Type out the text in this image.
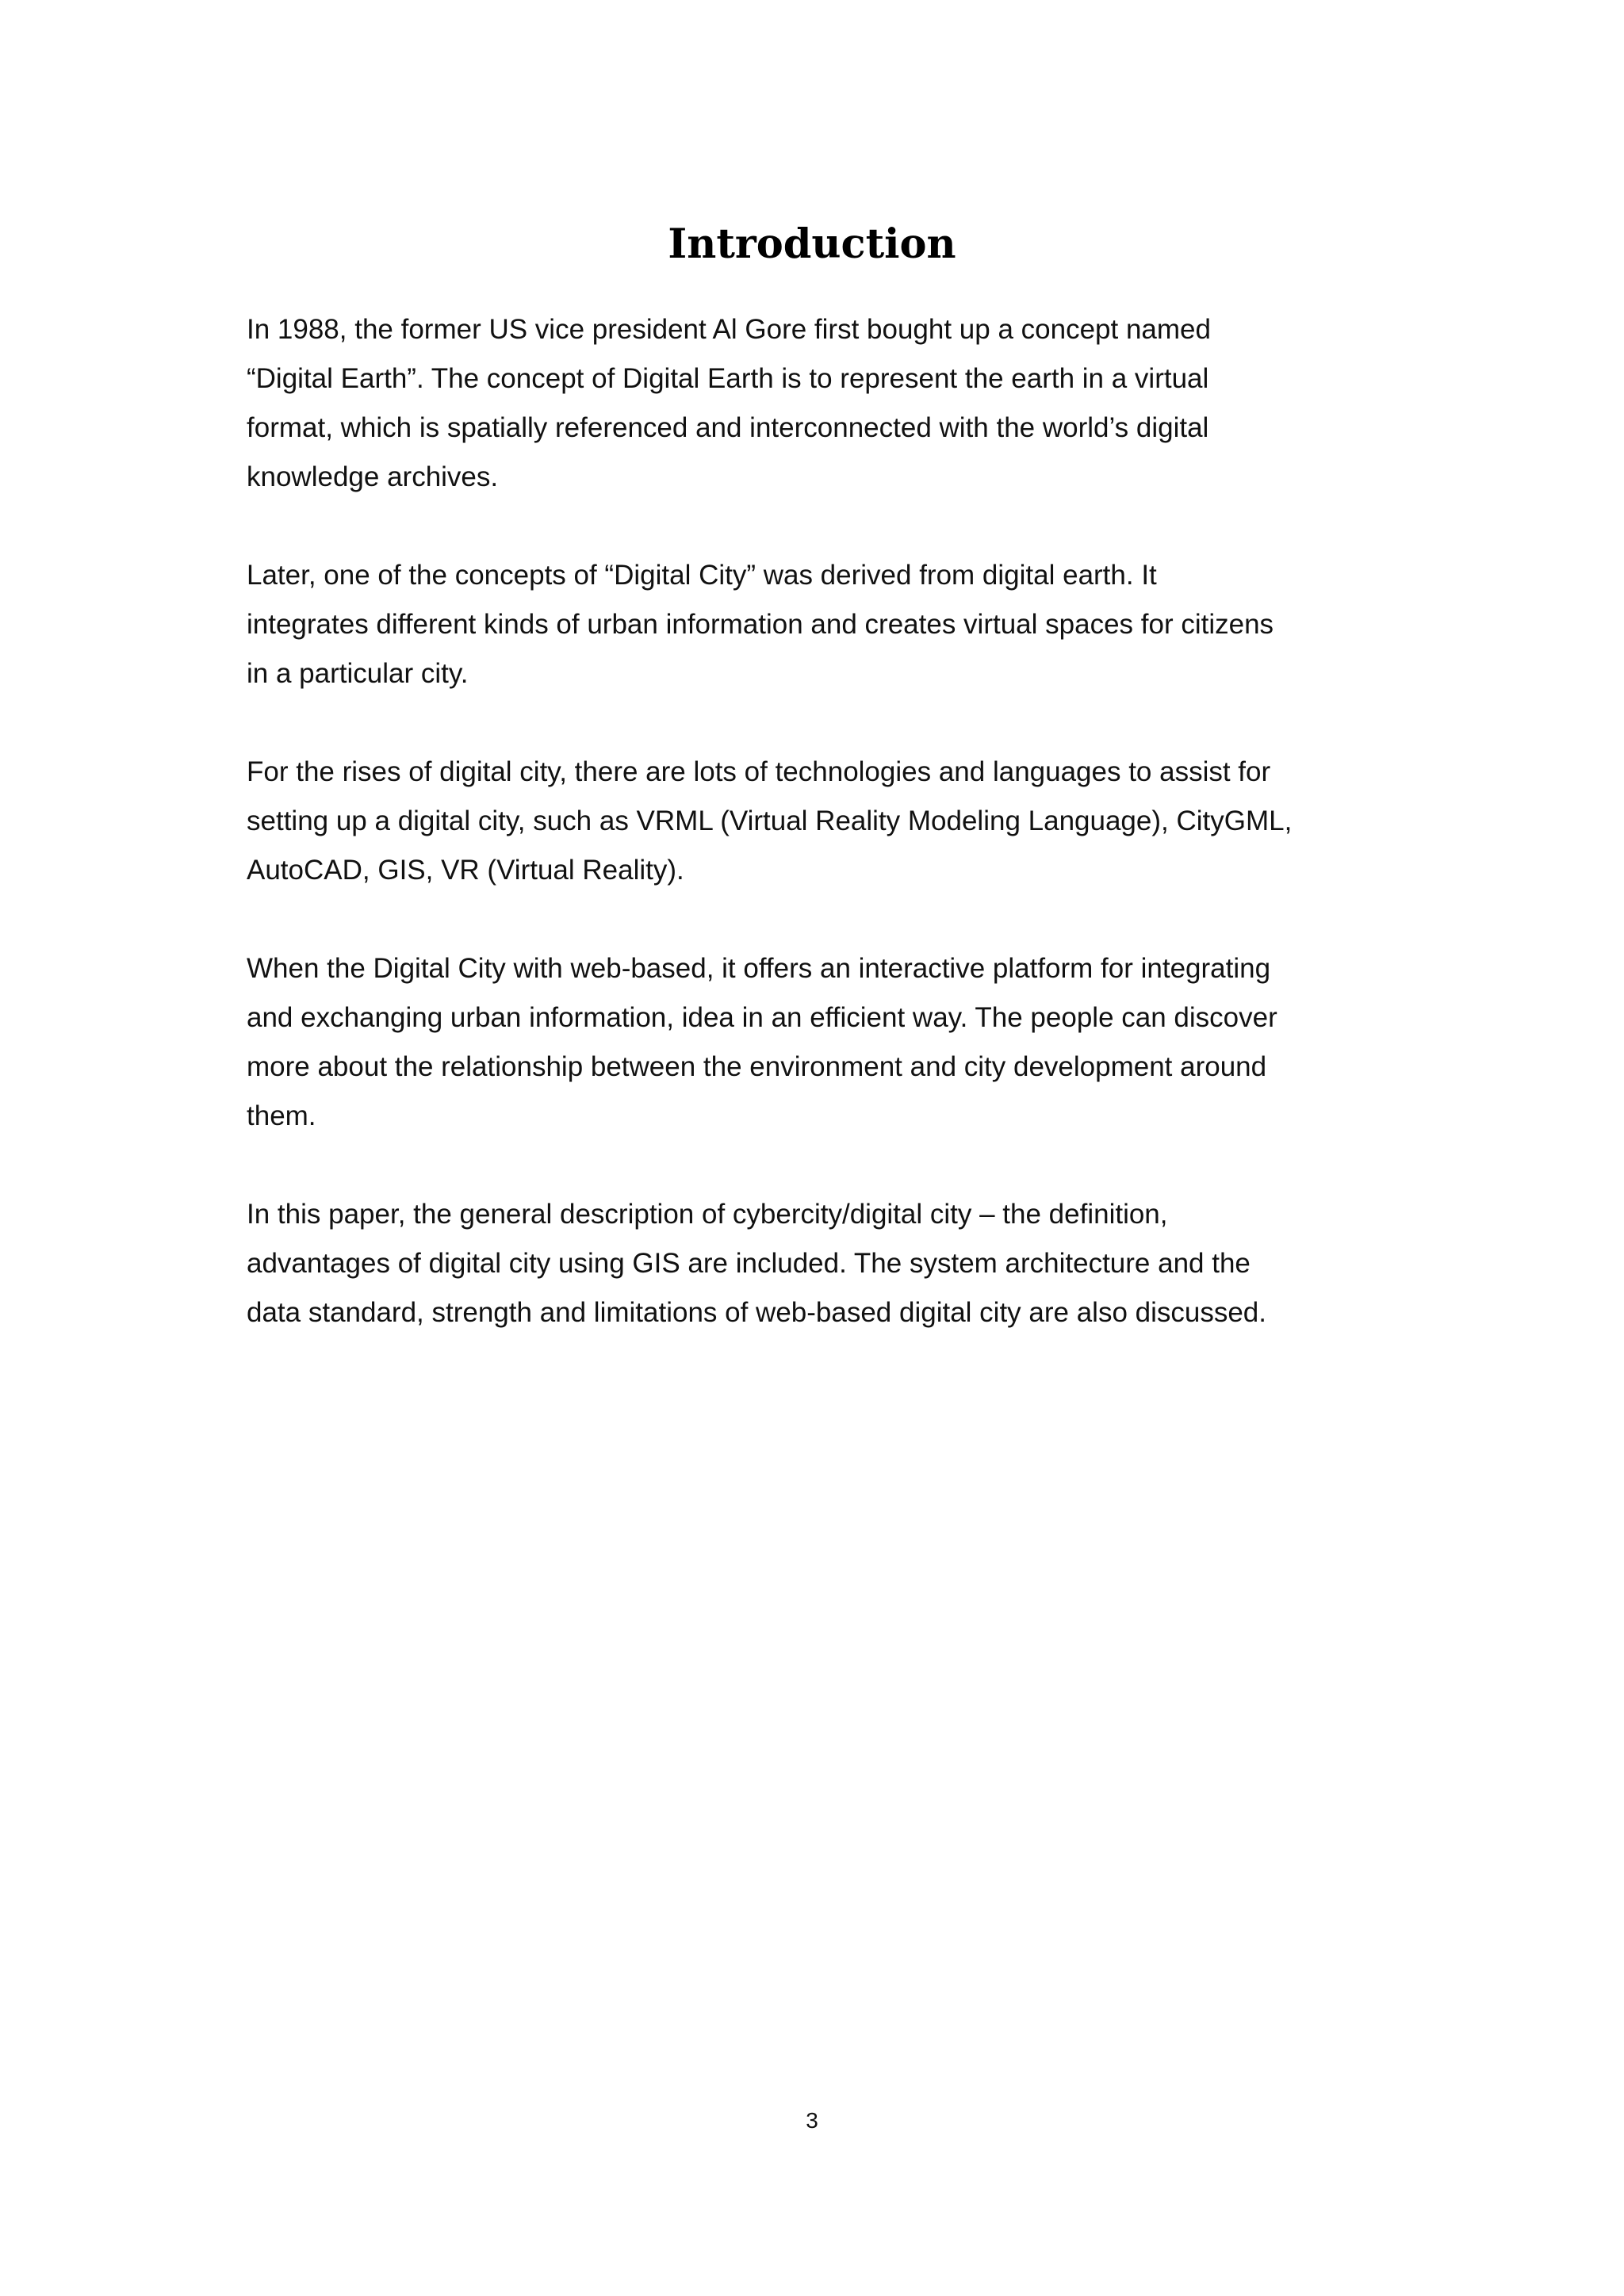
Introduction

In 1988, the former US vice president Al Gore first bought up a concept named
“Digital Earth”. The concept of Digital Earth is to represent the earth in a virtual
format, which is spatially referenced and interconnected with the world’s digital
knowledge archives.

Later, one of the concepts of “Digital City” was derived from digital earth. It
integrates different kinds of urban information and creates virtual spaces for citizens
in a particular city.

For the rises of digital city, there are lots of technologies and languages to assist for
setting up a digital city, such as VRML (Virtual Reality Modeling Language), CityGML,
AutoCAD, GIS, VR (Virtual Reality).

When the Digital City with web-based, it offers an interactive platform for integrating
and exchanging urban information, idea in an efficient way. The people can discover
more about the relationship between the environment and city development around
them.

In this paper, the general description of cybercity/digital city – the definition,
advantages of digital city using GIS are included. The system architecture and the
data standard, strength and limitations of web-based digital city are also discussed.

3
